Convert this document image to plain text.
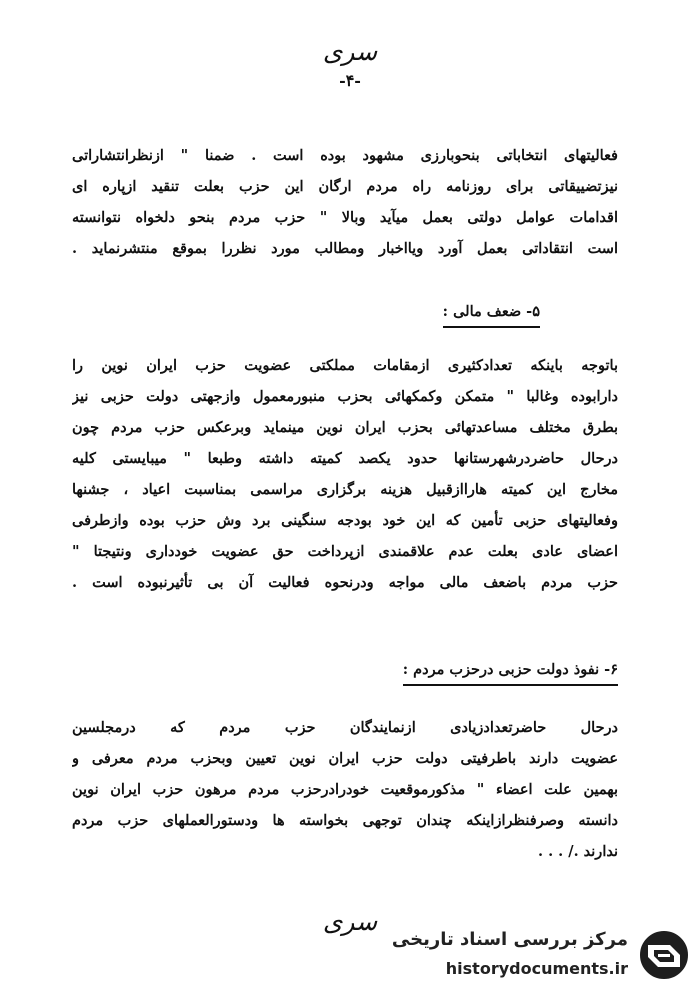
سری
-۴-
فعالیتهای انتخاباتی بنحوبارزی مشهود بوده است . ضمنا " ازنظرانتشاراتی
نیزتضییقاتی برای روزنامه راه مردم ارگان این حزب بعلت تنقید ازپاره ای
اقدامات عوامل دولتی بعمل میآید وبالا " حزب مردم بنحو دلخواه نتوانسته
است انتقاداتی بعمل آورد ویااخبار ومطالب مورد نظررا بموقع منتشرنماید .
۵- ضعف مالی :
باتوجه باینکه تعدادکثیری ازمقامات مملکتی عضویت حزب ایران نوین را
دارابوده وغالبا " متمکن وکمکهائی بحزب منبورمعمول وازجهتی دولت حزبی نیز
بطرق مختلف مساعدتهائی بحزب ایران نوین مینماید وبرعکس حزب مردم چون
درحال حاضردرشهرستانها حدود یکصد کمیته داشته وطبعا " میبایستی کلیه
مخارج این کمیته هاراازقبیل هزینه برگزاری مراسمی بمناسبت اعیاد ، جشنها
وفعالیتهای حزبی تأمین که این خود بودجه سنگینی برد وش حزب بوده وازطرفی
اعضای عادی بعلت عدم علاقمندی ازپرداخت حق عضویت خودداری ونتیجتا "
حزب مردم باضعف مالی مواجه ودرنحوه فعالیت آن بی تأثیرنبوده است .
۶- نفوذ دولت حزبی درحزب مردم :
درحال حاضرتعدادزیادی ازنمایندگان حزب مردم که درمجلسین
عضویت دارند باطرفیتی دولت حزب ایران نوین تعیین وبحزب مردم معرفی و
بهمین علت اعضاء " مذکورموقعیت خودرادرحزب مردم مرهون حزب ایران نوین
دانسته وصرفنظرازاینکه چندان توجهی بخواسته ها ودستورالعملهای حزب مردم
ندارند ./ . . .
سری
مرکز بررسی اسناد تاریخی
historydocuments.ir
